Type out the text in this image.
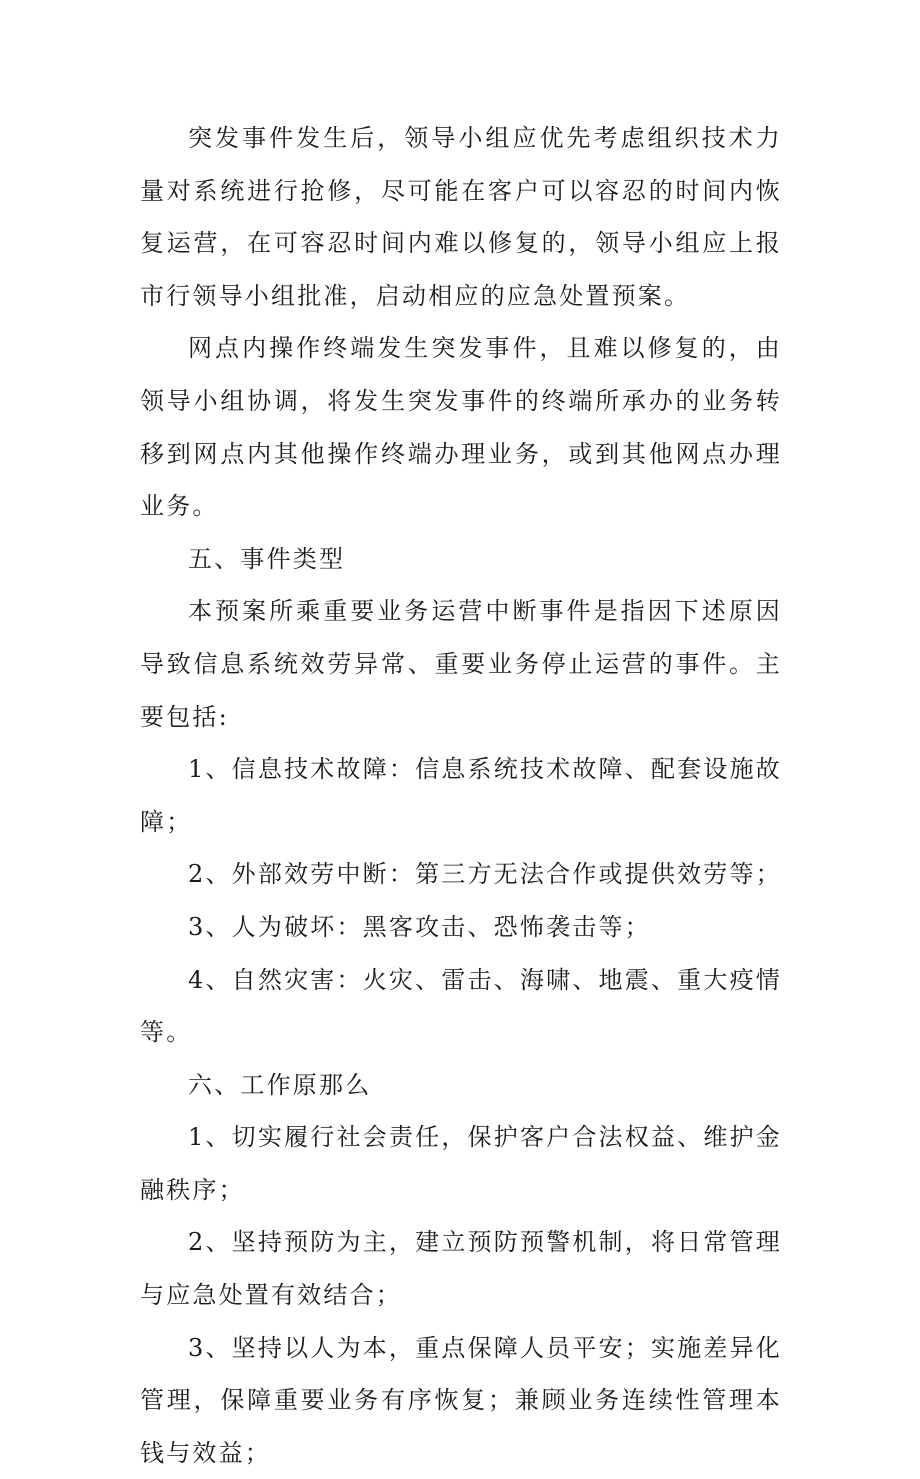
突发事件发生后，领导小组应优先考虑组织技术力量对系统进行抢修，尽可能在客户可以容忍的时间内恢复运营，在可容忍时间内难以修复的，领导小组应上报市行领导小组批准，启动相应的应急处置预案。

网点内操作终端发生突发事件，且难以修复的，由领导小组协调，将发生突发事件的终端所承办的业务转移到网点内其他操作终端办理业务，或到其他网点办理业务。

五、事件类型

本预案所乘重要业务运营中断事件是指因下述原因导致信息系统效劳异常、重要业务停止运营的事件。主要包括:

1、信息技术故障：信息系统技术故障、配套设施故障；

2、外部效劳中断：第三方无法合作或提供效劳等；

3、人为破坏：黑客攻击、恐怖袭击等；

4、自然灾害：火灾、雷击、海啸、地震、重大疫情等。

六、工作原那么

1、切实履行社会责任，保护客户合法权益、维护金融秩序；

2、坚持预防为主，建立预防预警机制，将日常管理与应急处置有效结合；

3、坚持以人为本，重点保障人员平安；实施差异化管理，保障重要业务有序恢复；兼顾业务连续性管理本钱与效益；
